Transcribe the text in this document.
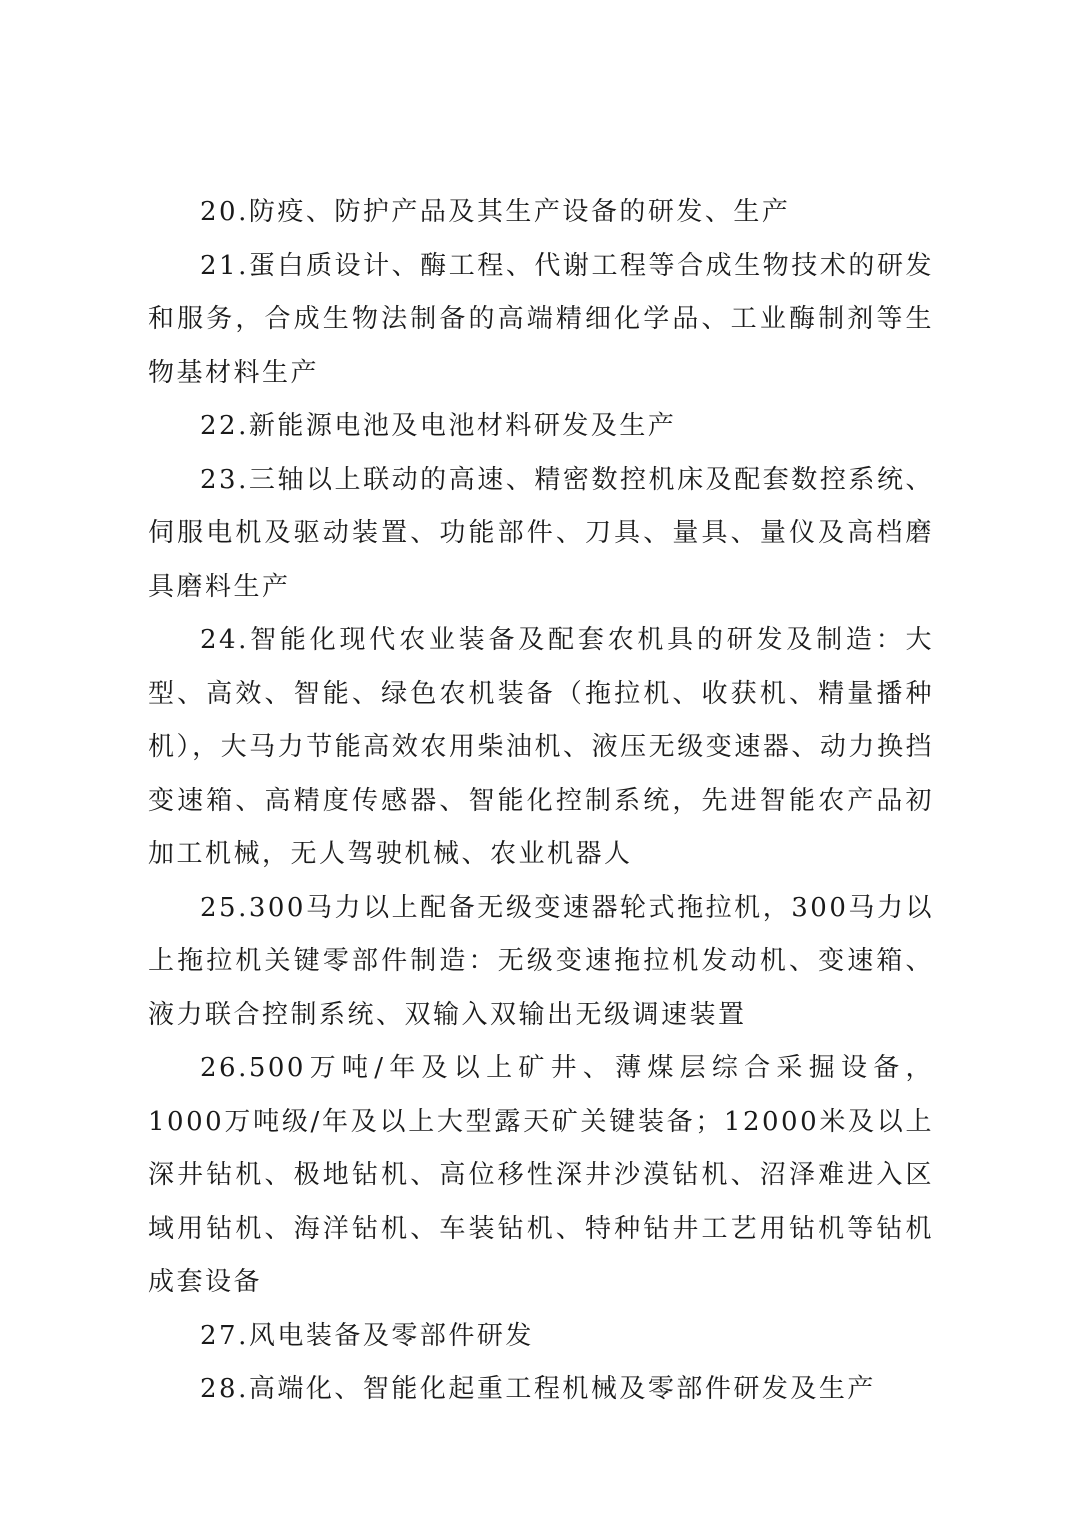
20.防疫、防护产品及其生产设备的研发、生产

21.蛋白质设计、酶工程、代谢工程等合成生物技术的研发和服务，合成生物法制备的高端精细化学品、工业酶制剂等生物基材料生产

22.新能源电池及电池材料研发及生产

23.三轴以上联动的高速、精密数控机床及配套数控系统、伺服电机及驱动装置、功能部件、刀具、量具、量仪及高档磨具磨料生产

24.智能化现代农业装备及配套农机具的研发及制造：大型、高效、智能、绿色农机装备（拖拉机、收获机、精量播种机），大马力节能高效农用柴油机、液压无级变速器、动力换挡变速箱、高精度传感器、智能化控制系统，先进智能农产品初加工机械，无人驾驶机械、农业机器人

25.300马力以上配备无级变速器轮式拖拉机，300马力以上拖拉机关键零部件制造：无级变速拖拉机发动机、变速箱、液力联合控制系统、双输入双输出无级调速装置

26.500万吨/年及以上矿井、薄煤层综合采掘设备，1000万吨级/年及以上大型露天矿关键装备；12000米及以上深井钻机、极地钻机、高位移性深井沙漠钻机、沼泽难进入区域用钻机、海洋钻机、车装钻机、特种钻井工艺用钻机等钻机成套设备

27.风电装备及零部件研发

28.高端化、智能化起重工程机械及零部件研发及生产
